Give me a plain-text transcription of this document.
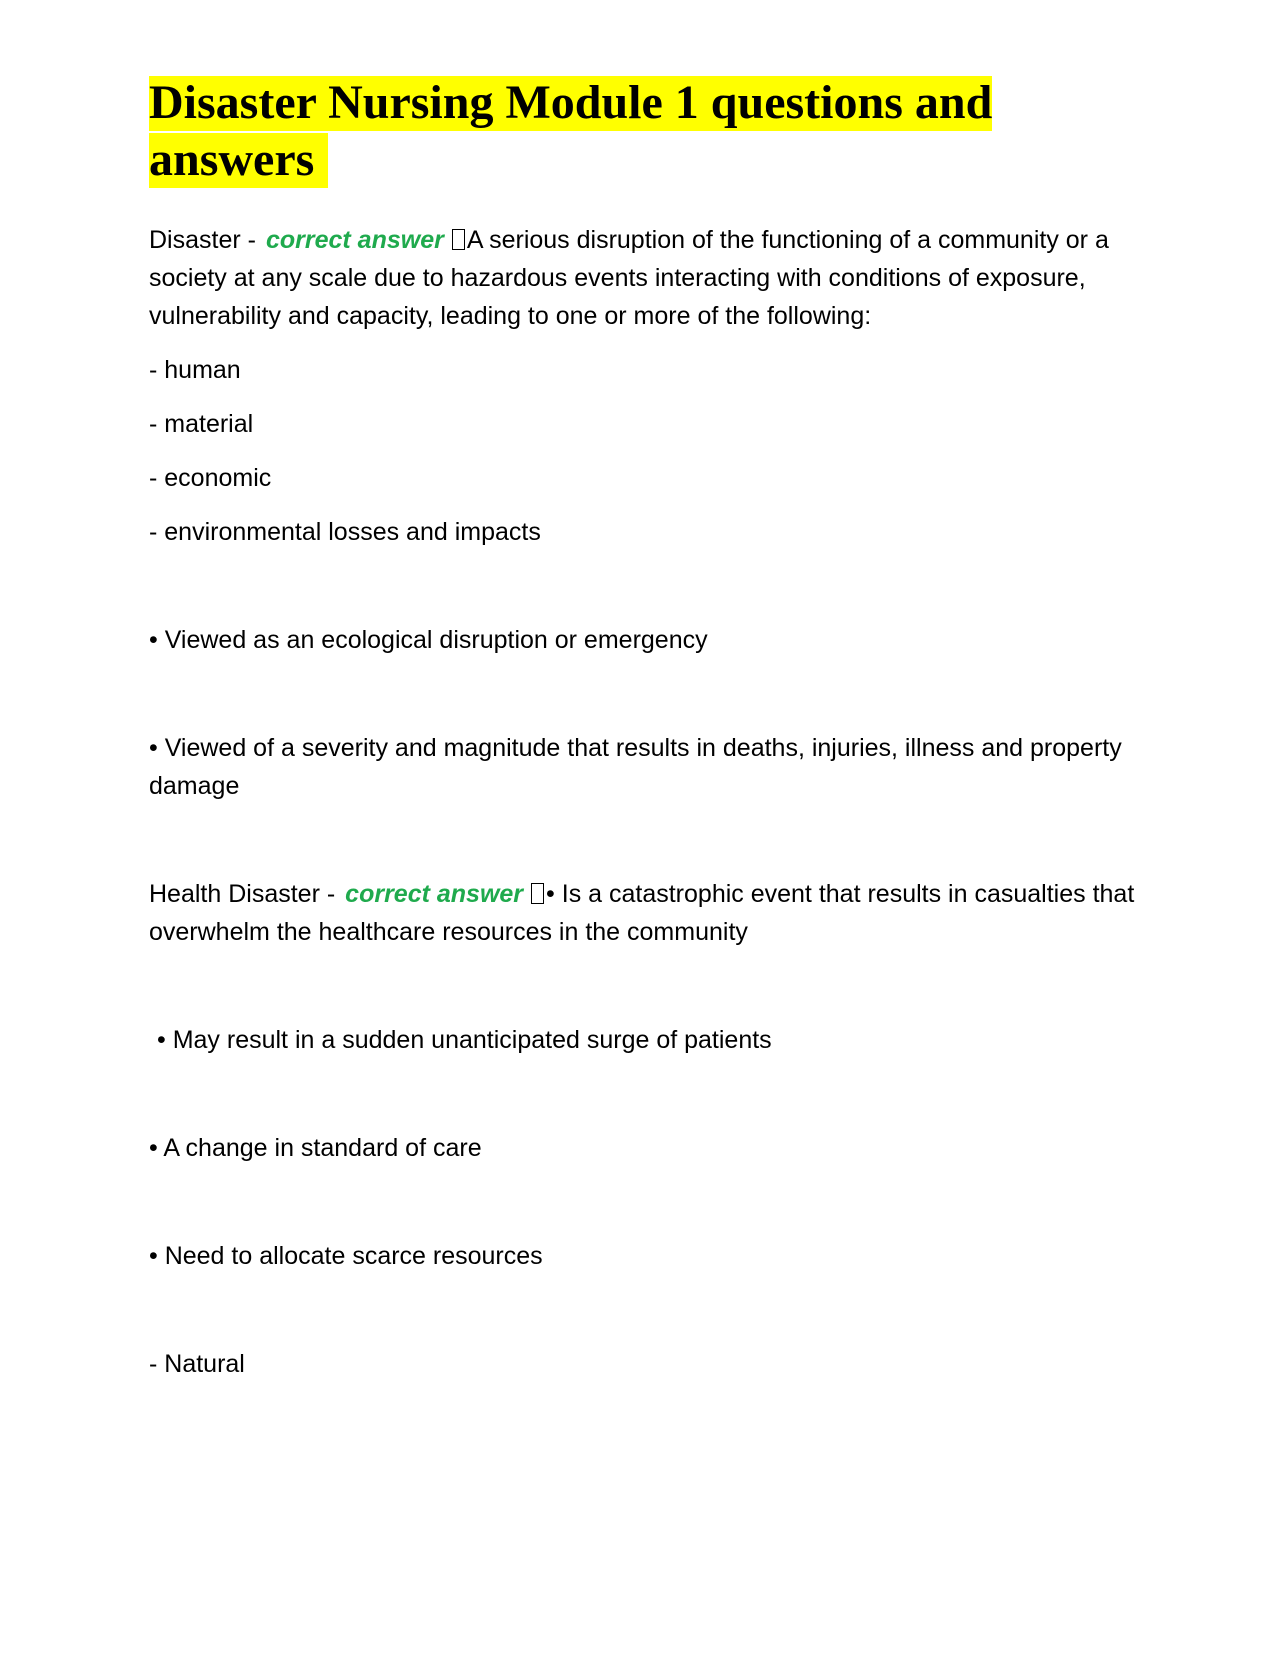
Disaster Nursing Module 1 questions and answers

Disaster - correct answer A serious disruption of the functioning of a community or a society at any scale due to hazardous events interacting with conditions of exposure, vulnerability and capacity, leading to one or more of the following:

- human

- material

- economic

- environmental losses and impacts

• Viewed as an ecological disruption or emergency

• Viewed of a severity and magnitude that results in deaths, injuries, illness and property damage

Health Disaster - correct answer • Is a catastrophic event that results in casualties that overwhelm the healthcare resources in the community

• May result in a sudden unanticipated surge of patients

• A change in standard of care

• Need to allocate scarce resources

- Natural
